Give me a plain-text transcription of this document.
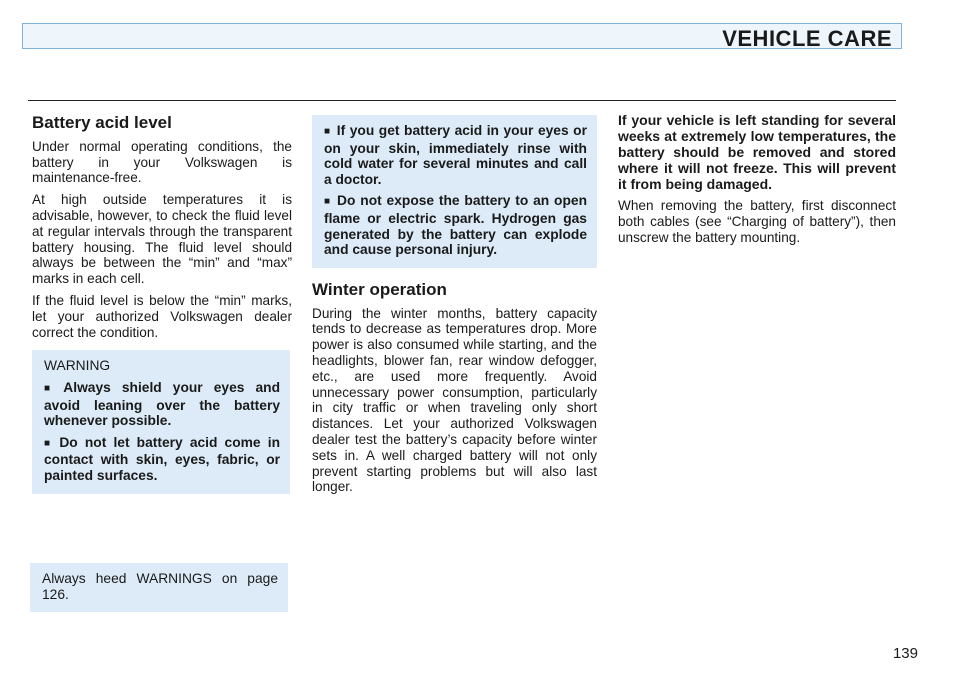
VEHICLE CARE
Battery acid level

Under normal operating conditions, the battery in your Volkswagen is maintenance-free.

At high outside temperatures it is advisable, however, to check the fluid level at regular intervals through the transparent battery housing. The fluid level should always be between the “min” and “max” marks in each cell.

If the fluid level is below the “min” marks, let your authorized Volkswagen dealer correct the condition.

WARNING

■ Always shield your eyes and avoid leaning over the battery whenever possible.

■ Do not let battery acid come in contact with skin, eyes, fabric, or painted surfaces.

Always heed WARNINGS on page 126.

■ If you get battery acid in your eyes or on your skin, immediately rinse with cold water for several minutes and call a doctor.

■ Do not expose the battery to an open flame or electric spark. Hydrogen gas generated by the battery can explode and cause personal injury.

Winter operation

During the winter months, battery capacity tends to decrease as temperatures drop. More power is also consumed while starting, and the headlights, blower fan, rear window defogger, etc., are used more frequently. Avoid unnecessary power consumption, particularly in city traffic or when traveling only short distances. Let your authorized Volkswagen dealer test the battery’s capacity before winter sets in. A well charged battery will not only prevent starting problems but will also last longer.

If your vehicle is left standing for several weeks at extremely low temperatures, the battery should be removed and stored where it will not freeze. This will prevent it from being damaged.

When removing the battery, first disconnect both cables (see “Charging of battery”), then unscrew the battery mounting.

139
